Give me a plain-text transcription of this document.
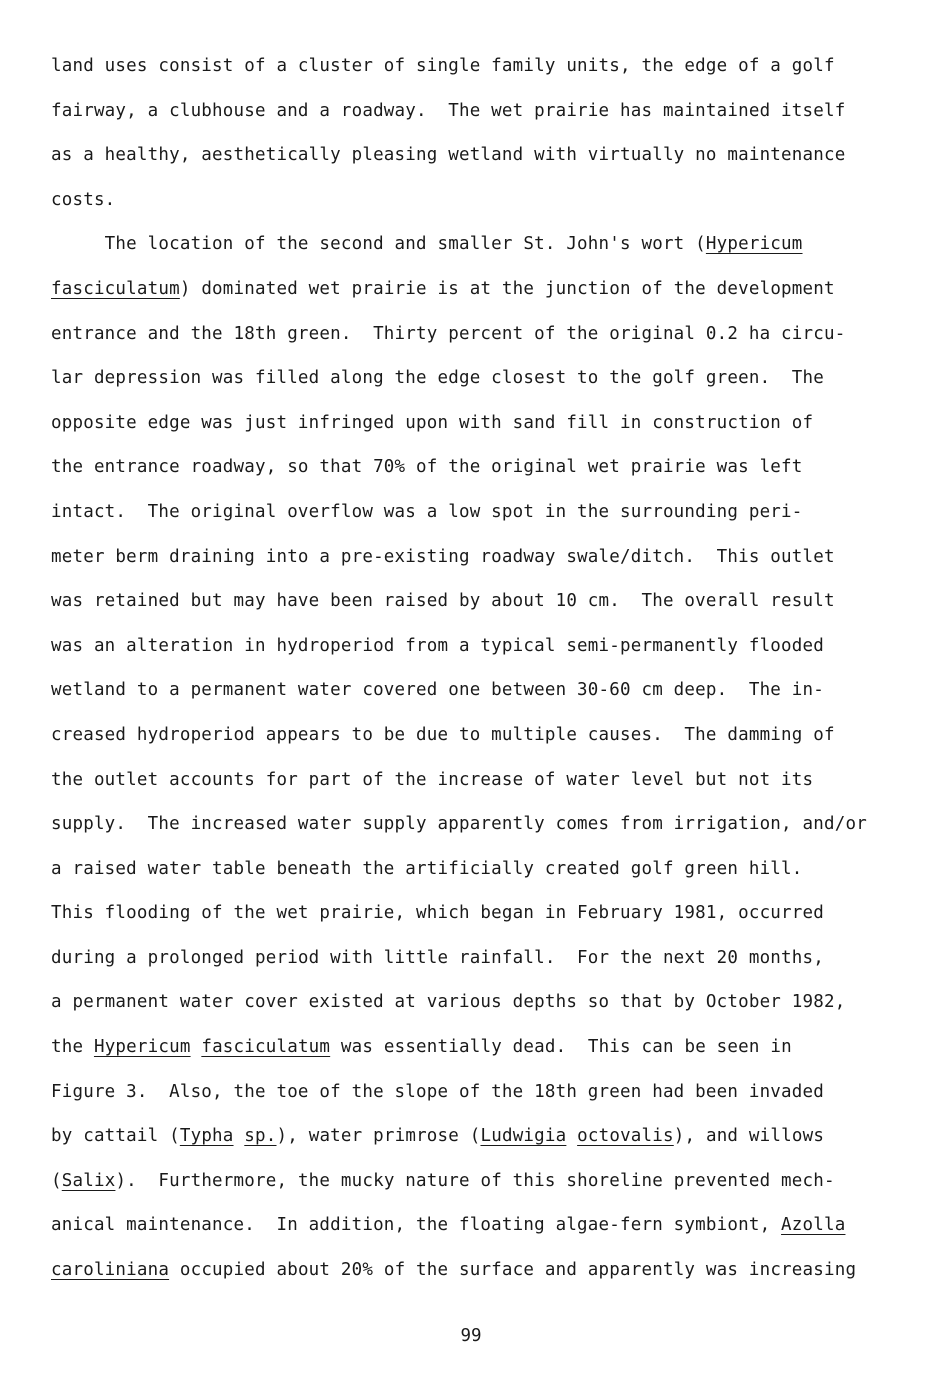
land uses consist of a cluster of single family units, the edge of a golf
fairway, a clubhouse and a roadway.  The wet prairie has maintained itself
as a healthy, aesthetically pleasing wetland with virtually no maintenance
costs.
The location of the second and smaller St. John's wort (Hypericum
fasciculatum) dominated wet prairie is at the junction of the development
entrance and the 18th green.  Thirty percent of the original 0.2 ha circu-
lar depression was filled along the edge closest to the golf green.  The
opposite edge was just infringed upon with sand fill in construction of
the entrance roadway, so that 70% of the original wet prairie was left
intact.  The original overflow was a low spot in the surrounding peri-
meter berm draining into a pre-existing roadway swale/ditch.  This outlet
was retained but may have been raised by about 10 cm.  The overall result
was an alteration in hydroperiod from a typical semi-permanently flooded
wetland to a permanent water covered one between 30-60 cm deep.  The in-
creased hydroperiod appears to be due to multiple causes.  The damming of
the outlet accounts for part of the increase of water level but not its
supply.  The increased water supply apparently comes from irrigation, and/or
a raised water table beneath the artificially created golf green hill.
This flooding of the wet prairie, which began in February 1981, occurred
during a prolonged period with little rainfall.  For the next 20 months,
a permanent water cover existed at various depths so that by October 1982,
the Hypericum fasciculatum was essentially dead.  This can be seen in
Figure 3.  Also, the toe of the slope of the 18th green had been invaded
by cattail (Typha sp.), water primrose (Ludwigia octovalis), and willows
(Salix).  Furthermore, the mucky nature of this shoreline prevented mech-
anical maintenance.  In addition, the floating algae-fern symbiont, Azolla
caroliniana occupied about 20% of the surface and apparently was increasing
99
